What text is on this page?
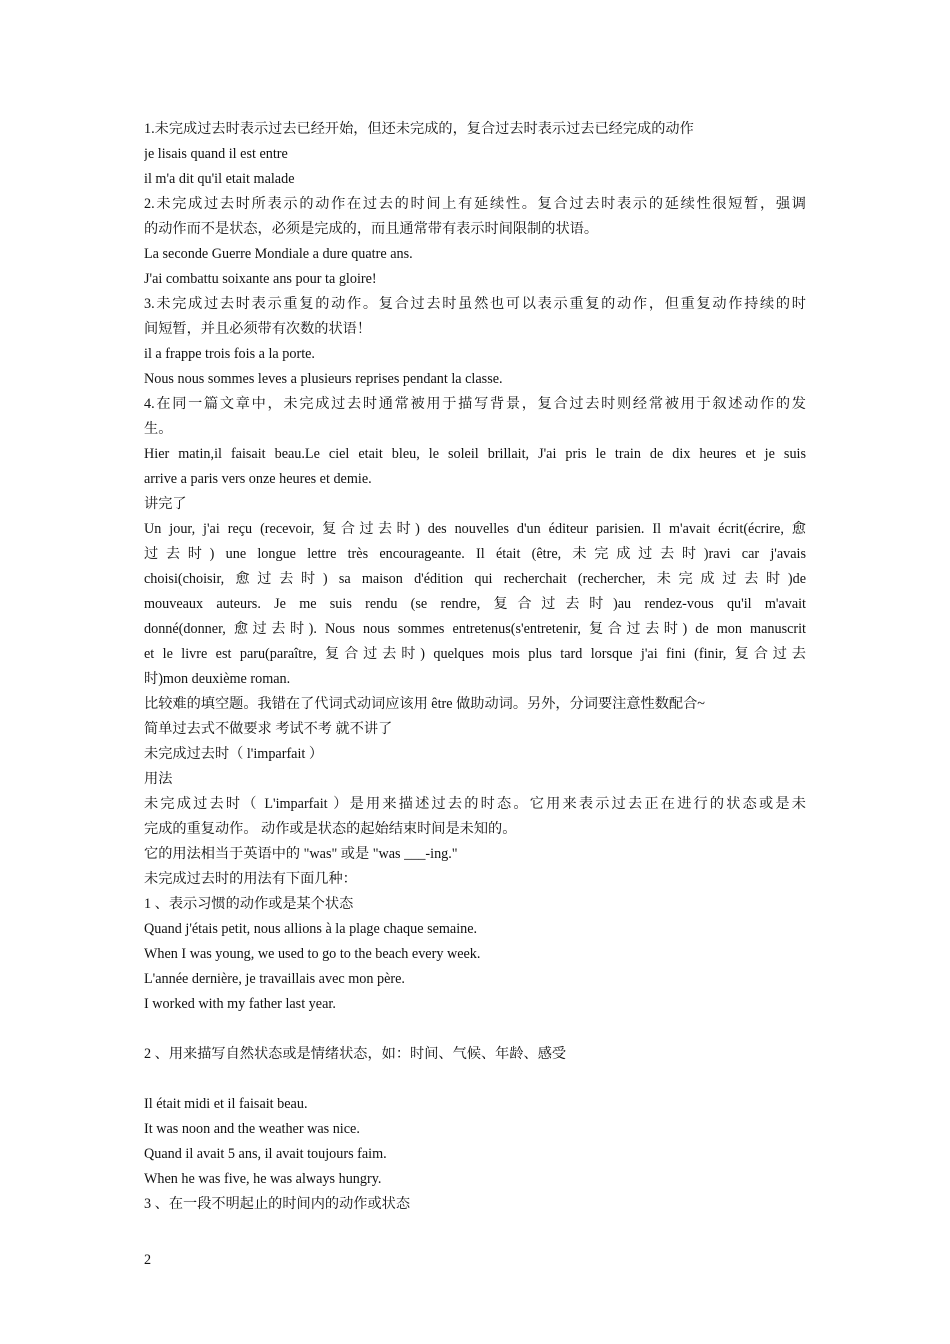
1.未完成过去时表示过去已经开始，但还未完成的，复合过去时表示过去已经完成的动作
je lisais quand il est entre
il m'a dit qu'il etait malade
2.未完成过去时所表示的动作在过去的时间上有延续性。复合过去时表示的延续性很短暂，强调
的动作而不是状态，必须是完成的，而且通常带有表示时间限制的状语。
La seconde Guerre Mondiale a dure quatre ans.
J'ai combattu soixante ans pour ta gloire!
3.未完成过去时表示重复的动作。复合过去时虽然也可以表示重复的动作，但重复动作持续的时
间短暂，并且必须带有次数的状语！
il a frappe trois fois a la porte.
Nous nous sommes leves a plusieurs reprises pendant la classe.
4.在同一篇文章中，未完成过去时通常被用于描写背景，复合过去时则经常被用于叙述动作的发
生。
Hier matin,il faisait beau.Le ciel etait bleu, le soleil brillait, J'ai pris le train de dix heures et je suis
arrive a paris vers onze heures et demie.
讲完了
Un jour, j'ai reçu (recevoir, 复合过去时) des nouvelles d'un éditeur parisien. Il m'avait écrit(écrire, 愈
过去时) une longue lettre très encourageante. Il était (être, 未完成过去时)ravi car j'avais
choisi(choisir, 愈过去时) sa maison d'édition qui recherchait (rechercher, 未完成过去时)de
mouveaux auteurs. Je me suis rendu (se rendre, 复合过去时)au rendez-vous qu'il m'avait
donné(donner, 愈过去时). Nous nous sommes entretenus(s'entretenir, 复合过去时) de mon manuscrit
et le livre est paru(paraître, 复合过去时) quelques mois plus tard lorsque j'ai fini (finir, 复合过去
时)mon deuxième roman.
比较难的填空题。我错在了代词式动词应该用 être 做助动词。另外，分词要注意性数配合~
简单过去式不做要求 考试不考 就不讲了
未完成过去时（ l'imparfait ）
用法
未完成过去时（ L'imparfait ）是用来描述过去的时态。它用来表示过去正在进行的状态或是未
完成的重复动作。 动作或是状态的起始结束时间是未知的。
它的用法相当于英语中的 "was" 或是 "was ___-ing."
未完成过去时的用法有下面几种：
1 、表示习惯的动作或是某个状态
Quand j'étais petit, nous allions à la plage chaque semaine.
When I was young, we used to go to the beach every week.
L'année dernière, je travaillais avec mon père.
I worked with my father last year.
2 、用来描写自然状态或是情绪状态，如：时间、气候、年龄、感受
Il était midi et il faisait beau.
It was noon and the weather was nice.
Quand il avait 5 ans, il avait toujours faim.
When he was five, he was always hungry.
3 、在一段不明起止的时间内的动作或状态
2
